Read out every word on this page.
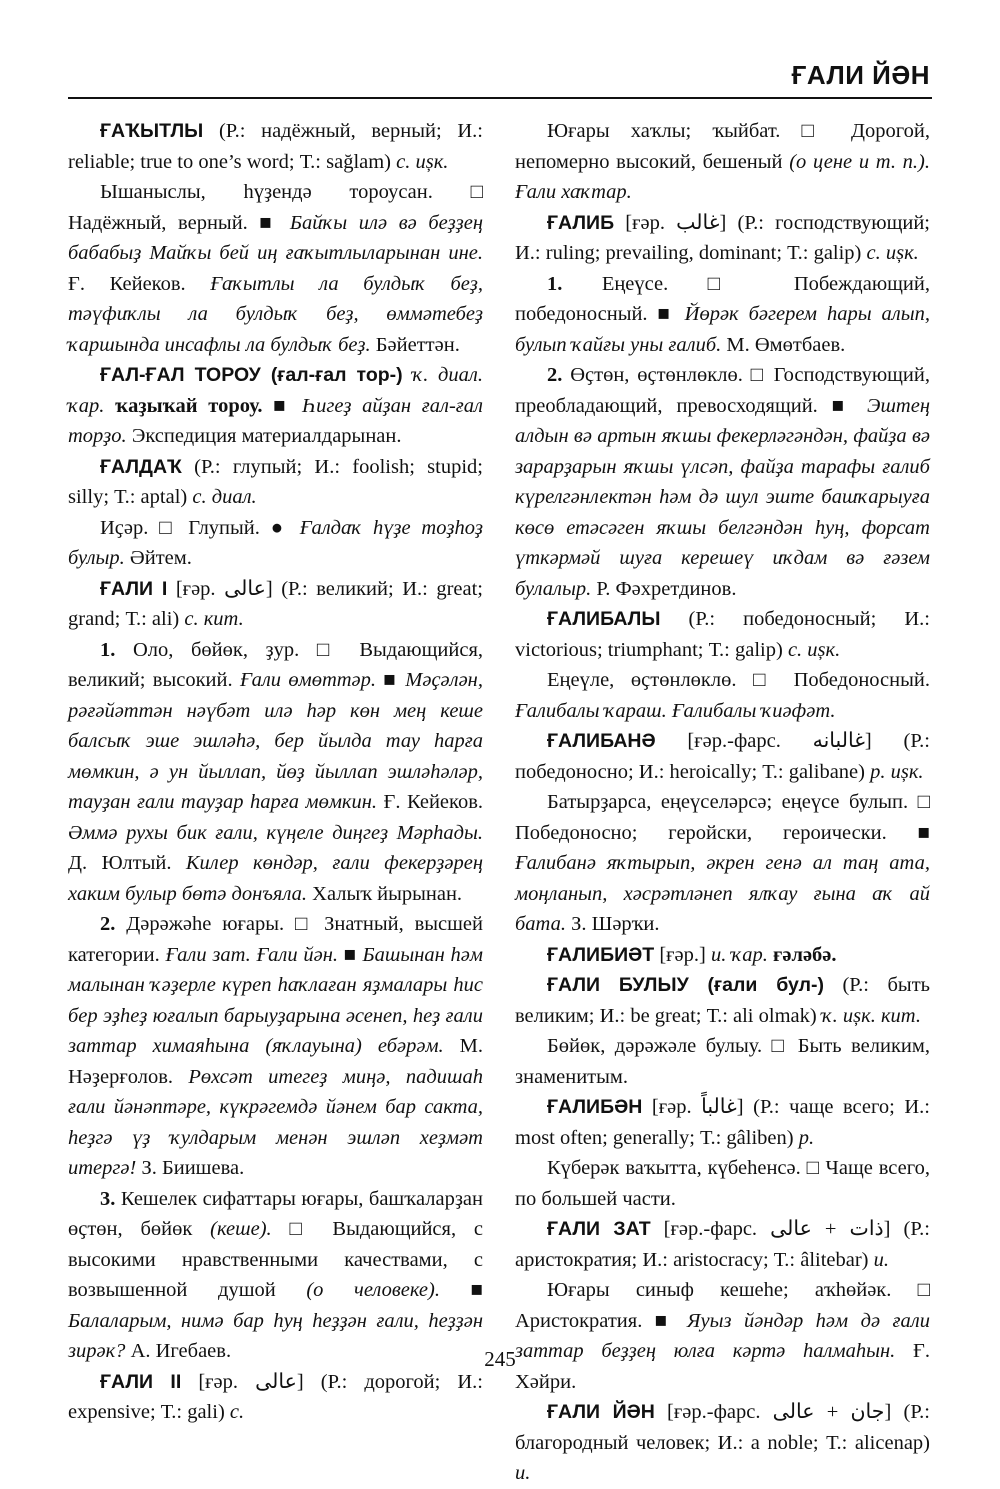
ҒАЛИ ЙӘН

ҒАҠЫТЛЫ (Р.: надёжный, верный; И.: reliable; true to one’s word; Т.: sağlam) с. ușк.

Ышаныслы, һүҙендә тороусан. □ Надёжный, верный. ■ Байҡы илә вә беҙҙең бабабыҙ Майҡы бей иң ғаҡытлыларынан ине. Ғ. Кейеков. Ғаҡытлы ла булдыҡ беҙ, тәүфиҡлы ла булдыҡ беҙ, өммәтебеҙ ҡаршында инсафлы ла булдыҡ беҙ. Бәйеттән.

ҒАЛ-ҒАЛ ТОРОУ (ғал-ғал тор-) ҡ. диал. ҡар. ҡаҙыҡай тороу. ■ Һигеҙ айҙан ғал-ғал торҙо. Экспедиция материалдарынан.

ҒАЛДАҠ (Р.: глупый; И.: foolish; stupid; silly; Т.: aptal) с. диал.

Иҫәр. □ Глупый. ● Ғалдаҡ һүҙе тоҙһоҙ булыр. Әйтем.

ҒАЛИ I [ғәр. عالی] (Р.: великий; И.: great; grand; Т.: ali) с. кит.

1. Оло, бөйөк, ҙур. □ Выдающийся, великий; высокий. Ғали өмөттәр. ■ Мәҫәлән, рәғәйәттән нәүбәт илә һәр көн мең кеше балсыҡ эше эшләһә, бер йылда тау һарға мөмкин, ә ун йыллап, йөҙ йыллап эшләһәләр, тауҙан ғали тауҙар һарға мөмкин. Ғ. Кейеков. Әммә рухы бик ғали, күңеле диңгеҙ Мәрһады. Д. Юлтый. Килер көндәр, ғали фекерҙәрең хаким булыр бөтә донъяла. Халыҡ йырынан.

2. Дәрәжәһе юғары. □ Знатный, высшей категории. Ғали зат. Ғали йән. ■ Башынан һәм малынан ҡәҙерле күреп һаҡлаған яҙмалары һис бер эҙһеҙ юғалып барыуҙарына әсенеп, һеҙ ғали заттар химаяһына (яҡлауына) ебәрәм. М. Нәҙерғолов. Рөхсәт итегеҙ миңә, падишаһ ғали йәнәптәре, күкрәгемдә йәнем бар сакта, һеҙгә үҙ ҡулдарым менән эшләп хеҙмәт итергә! З. Биишева.

3. Кешелек сифаттары юғары, башҡаларҙан өҫтөн, бөйөк (кеше). □ Выдающийся, с высокими нравственными качествами, с возвышенной душой (о человеке). ■ Балаларым, нимә бар һуң һеҙҙән ғали, һеҙҙән зирәк? А. Игебаев.

ҒАЛИ II [ғәр. عالی] (Р.: дорогой; И.: expensive; Т.: gali) с.

Юғары хаҡлы; ҡыйбат. □ Дорогой, непомерно высокий, бешеный (о цене и т. п.). Ғали хаҡтар.

ҒАЛИБ [ғәр. غالب] (Р.: господствующий; И.: ruling; prevailing, dominant; Т.: galip) с. ușк.

1. Еңеүсе. □ Побеждающий, победоносный. ■ Йөрәк бәгерем һары алып, булып ҡайғы уны ғалиб. М. Өмөтбаев.

2. Өҫтөн, өҫтөнлөклө. □ Господствующий, преобладающий, превосходящий. ■ Эштең алдын вә артын яҡшы фекерләгәндән, файҙа вә зарарҙарын яҡшы үлсәп, файҙа тарафы ғалиб күрелгәнлектән һәм дә шул эште башҡарыуға көсө етәсәген яҡшы белгәндән һуң, форсат үткәрмәй шуға керешеү иҡдам вә ғәзем булалыр. Р. Фәхретдинов.

ҒАЛИБАЛЫ (Р.: победоносный; И.: victorious; triumphant; Т.: galip) с. ușк.

Еңеүле, өҫтөнлөклө. □ Победоносный. Ғалибалы ҡараш. Ғалибалы ҡиәфәт.

ҒАЛИБАНӘ [ғәр.-фарс. غالبانه] (Р.: победоносно; И.: heroically; Т.: galibane) р. ușк.

Батырҙарса, еңеүселәрсә; еңеүсе булып. □ Победоносно; геройски, героически. ■ Ғалибанә яҡтырып, әкрен генә ал таң ата, моңланып, хәсрәтләнеп ялҡау ғына аҡ ай бата. З. Шәрҡи.

ҒАЛИБИӘТ [ғәр.] и. ҡар. ғәләбә.

ҒАЛИ БУЛЫУ (ғали бул-) (Р.: быть великим; И.: be great; Т.: ali olmak) ҡ. ușк. кит.

Бөйөк, дәрәжәле булыу. □ Быть великим, знаменитым.

ҒАЛИБӘН [ғәр. غالباً] (Р.: чаще всего; И.: most often; generally; Т.: gâliben) р.

Күберәк ваҡытта, күбеһенсә. □ Чаще всего, по большей части.

ҒАЛИ ЗАТ [ғәр.-фарс. ذات + عالی] (Р.: аристократия; И.: aristocracy; Т.: âlitebar) и.

Юғары синыф кешеһе; аҡһөйәк. □ Аристократия. ■ Яуыз йәндәр һәм дә ғали заттар беҙҙең юлға кәртә һалмаһын. Ғ. Хәйри.

ҒАЛИ ЙӘН [ғәр.-фарс. جان + عالی] (Р.: благородный человек; И.: a noble; Т.: alicenap) и.

245
